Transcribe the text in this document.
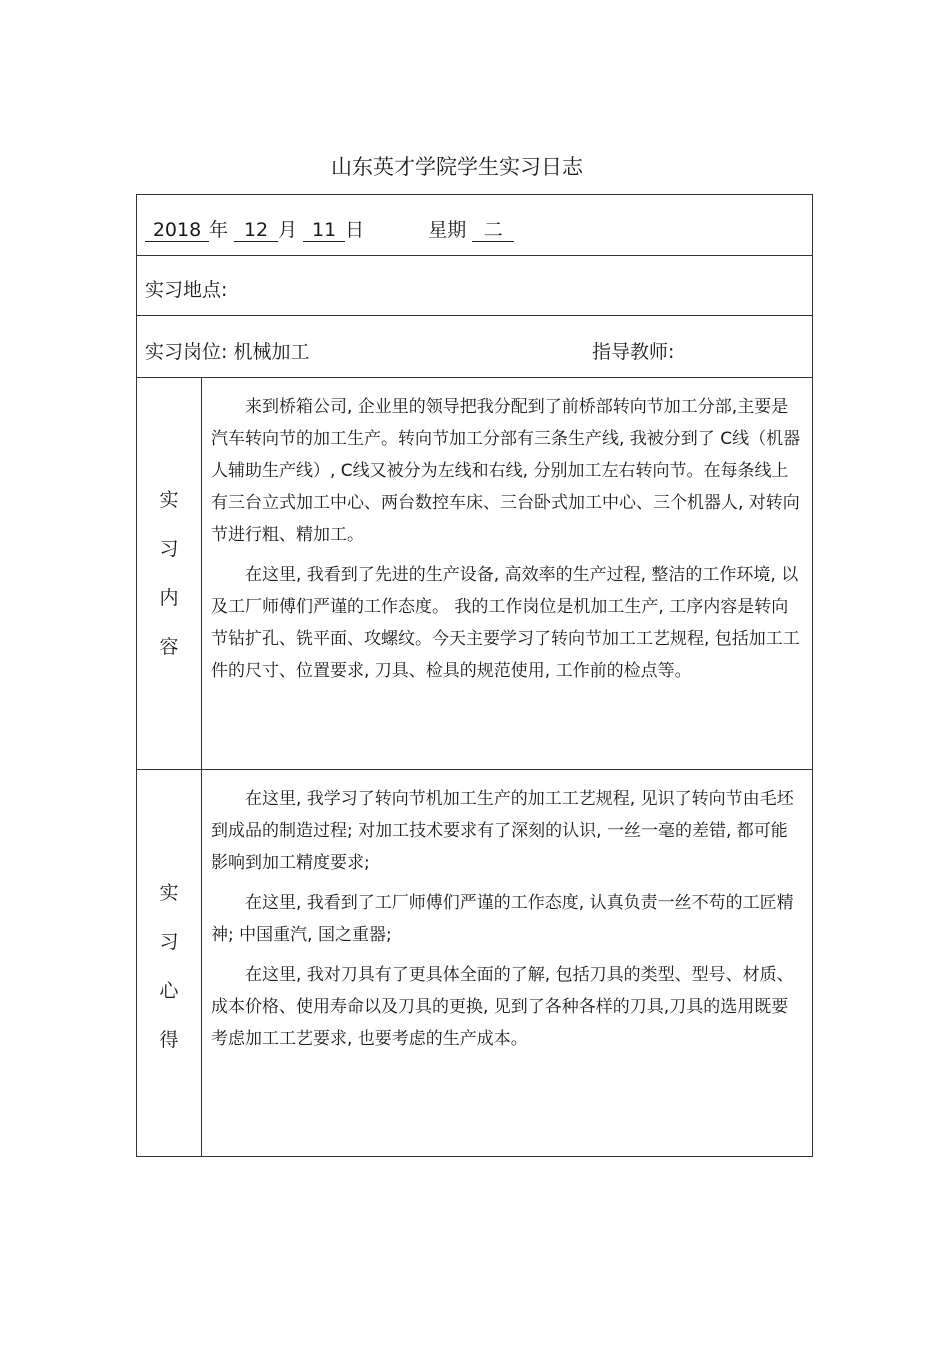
山东英才学院学生实习日志
2018 年 12 月 11 日	星期 二
实习地点:
实习岗位: 机械加工	指导教师:
实
习
内
容

来到桥箱公司, 企业里的领导把我分配到了前桥部转向节加工分部,主要是汽车转向节的加工生产。转向节加工分部有三条生产线, 我被分到了 C线（机器人辅助生产线）, C线又被分为左线和右线, 分别加工左右转向节。在每条线上有三台立式加工中心、两台数控车床、三台卧式加工中心、三个机器人, 对转向节进行粗、精加工。

在这里, 我看到了先进的生产设备, 高效率的生产过程, 整洁的工作环境, 以及工厂师傅们严谨的工作态度。 我的工作岗位是机加工生产, 工序内容是转向节钻扩孔、铣平面、攻螺纹。今天主要学习了转向节加工工艺规程, 包括加工工件的尺寸、位置要求, 刀具、检具的规范使用, 工作前的检点等。

实
习
心
得

在这里, 我学习了转向节机加工生产的加工工艺规程, 见识了转向节由毛坯到成品的制造过程; 对加工技术要求有了深刻的认识, 一丝一毫的差错, 都可能影响到加工精度要求;

在这里, 我看到了工厂师傅们严谨的工作态度, 认真负责一丝不苟的工匠精神; 中国重汽, 国之重器;

在这里, 我对刀具有了更具体全面的了解, 包括刀具的类型、型号、材质、成本价格、使用寿命以及刀具的更换, 见到了各种各样的刀具,刀具的选用既要考虑加工工艺要求, 也要考虑的生产成本。
